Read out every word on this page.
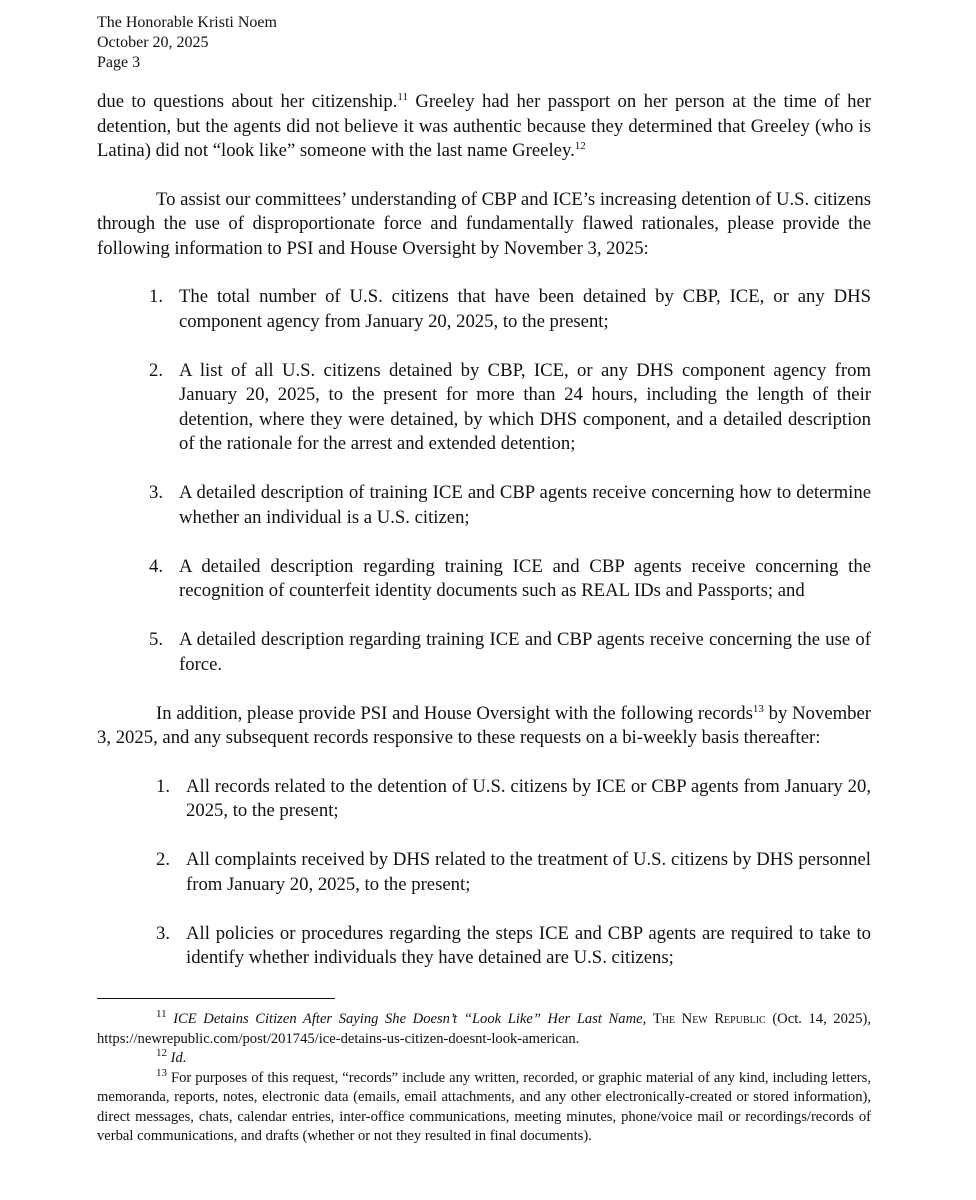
The Honorable Kristi Noem
October 20, 2025
Page 3

due to questions about her citizenship.$^{11}$ Greeley had her passport on her person at the time of her detention, but the agents did not believe it was authentic because they determined that Greeley (who is Latina) did not “look like” someone with the last name Greeley.$^{12}$

To assist our committees’ understanding of CBP and ICE’s increasing detention of U.S. citizens through the use of disproportionate force and fundamentally flawed rationales, please provide the following information to PSI and House Oversight by November 3, 2025:

1. The total number of U.S. citizens that have been detained by CBP, ICE, or any DHS component agency from January 20, 2025, to the present;
2. A list of all U.S. citizens detained by CBP, ICE, or any DHS component agency from January 20, 2025, to the present for more than 24 hours, including the length of their detention, where they were detained, by which DHS component, and a detailed description of the rationale for the arrest and extended detention;
3. A detailed description of training ICE and CBP agents receive concerning how to determine whether an individual is a U.S. citizen;
4. A detailed description regarding training ICE and CBP agents receive concerning the recognition of counterfeit identity documents such as REAL IDs and Passports; and
5. A detailed description regarding training ICE and CBP agents receive concerning the use of force.

In addition, please provide PSI and House Oversight with the following records$^{13}$ by November 3, 2025, and any subsequent records responsive to these requests on a bi-weekly basis thereafter:

1. All records related to the detention of U.S. citizens by ICE or CBP agents from January 20, 2025, to the present;
2. All complaints received by DHS related to the treatment of U.S. citizens by DHS personnel from January 20, 2025, to the present;
3. All policies or procedures regarding the steps ICE and CBP agents are required to take to identify whether individuals they have detained are U.S. citizens;

$^{11}$ ICE Detains Citizen After Saying She Doesn’t “Look Like” Her Last Name, The New Republic (Oct. 14, 2025), https://newrepublic.com/post/201745/ice-detains-us-citizen-doesnt-look-american.

$^{12}$ Id.

$^{13}$ For purposes of this request, “records” include any written, recorded, or graphic material of any kind, including letters, memoranda, reports, notes, electronic data (emails, email attachments, and any other electronically-created or stored information), direct messages, chats, calendar entries, inter-office communications, meeting minutes, phone/voice mail or recordings/records of verbal communications, and drafts (whether or not they resulted in final documents).
